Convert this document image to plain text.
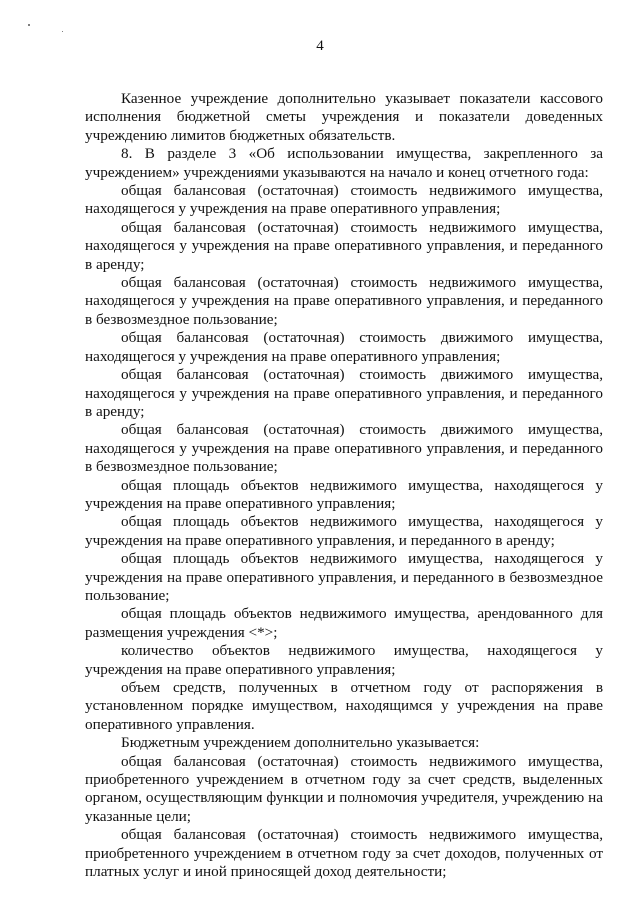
4

Казенное учреждение дополнительно указывает показатели кассового исполнения бюджетной сметы учреждения и показатели доведенных учреждению лимитов бюджетных обязательств.

8. В разделе 3 «Об использовании имущества, закрепленного за учреждением» учреждениями указываются на начало и конец отчетного года:

общая балансовая (остаточная) стоимость недвижимого имущества, находящегося у учреждения на праве оперативного управления;

общая балансовая (остаточная) стоимость недвижимого имущества, находящегося у учреждения на праве оперативного управления, и переданного в аренду;

общая балансовая (остаточная) стоимость недвижимого имущества, находящегося у учреждения на праве оперативного управления, и переданного в безвозмездное пользование;

общая балансовая (остаточная) стоимость движимого имущества, находящегося у учреждения на праве оперативного управления;

общая балансовая (остаточная) стоимость движимого имущества, находящегося у учреждения на праве оперативного управления, и переданного в аренду;

общая балансовая (остаточная) стоимость движимого имущества, находящегося у учреждения на праве оперативного управления, и переданного в безвозмездное пользование;

общая площадь объектов недвижимого имущества, находящегося у учреждения на праве оперативного управления;

общая площадь объектов недвижимого имущества, находящегося у учреждения на праве оперативного управления, и переданного в аренду;

общая площадь объектов недвижимого имущества, находящегося у учреждения на праве оперативного управления, и переданного в безвозмездное пользование;

общая площадь объектов недвижимого имущества, арендованного для размещения учреждения <*>;

количество объектов недвижимого имущества, находящегося у учреждения на праве оперативного управления;

объем средств, полученных в отчетном году от распоряжения в установленном порядке имуществом, находящимся у учреждения на праве оперативного управления.

Бюджетным учреждением дополнительно указывается:

общая балансовая (остаточная) стоимость недвижимого имущества, приобретенного учреждением в отчетном году за счет средств, выделенных органом, осуществляющим функции и полномочия учредителя, учреждению на указанные цели;

общая балансовая (остаточная) стоимость недвижимого имущества, приобретенного учреждением в отчетном году за счет доходов, полученных от платных услуг и иной приносящей доход деятельности;
